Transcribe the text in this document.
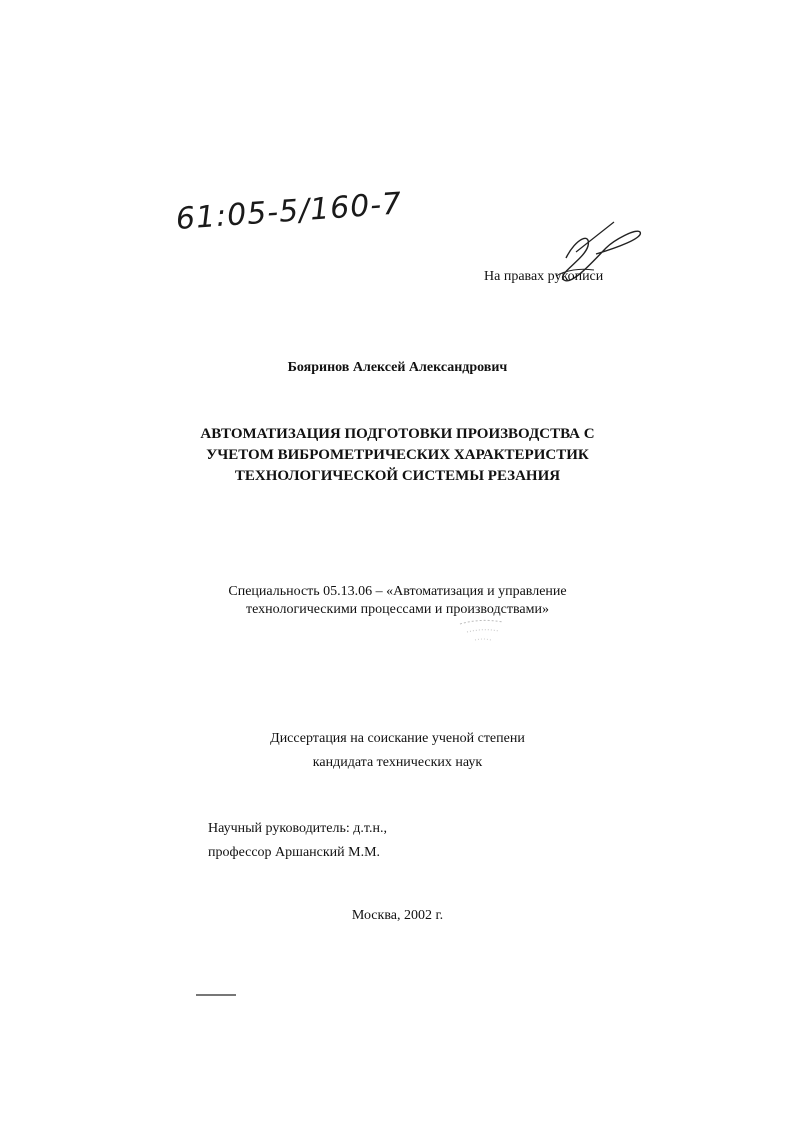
61:05-5/160-7
На правах рукописи
Бояринов Алексей Александрович
АВТОМАТИЗАЦИЯ ПОДГОТОВКИ ПРОИЗВОДСТВА С
УЧЕТОМ ВИБРОМЕТРИЧЕСКИХ ХАРАКТЕРИСТИК
ТЕХНОЛОГИЧЕСКОЙ СИСТЕМЫ РЕЗАНИЯ
Специальность 05.13.06 – «Автоматизация и управление
технологическими процессами и производствами»
Диссертация на соискание ученой степени
кандидата технических наук
Научный руководитель: д.т.н.,
профессор Аршанский М.М.
Москва, 2002 г.
